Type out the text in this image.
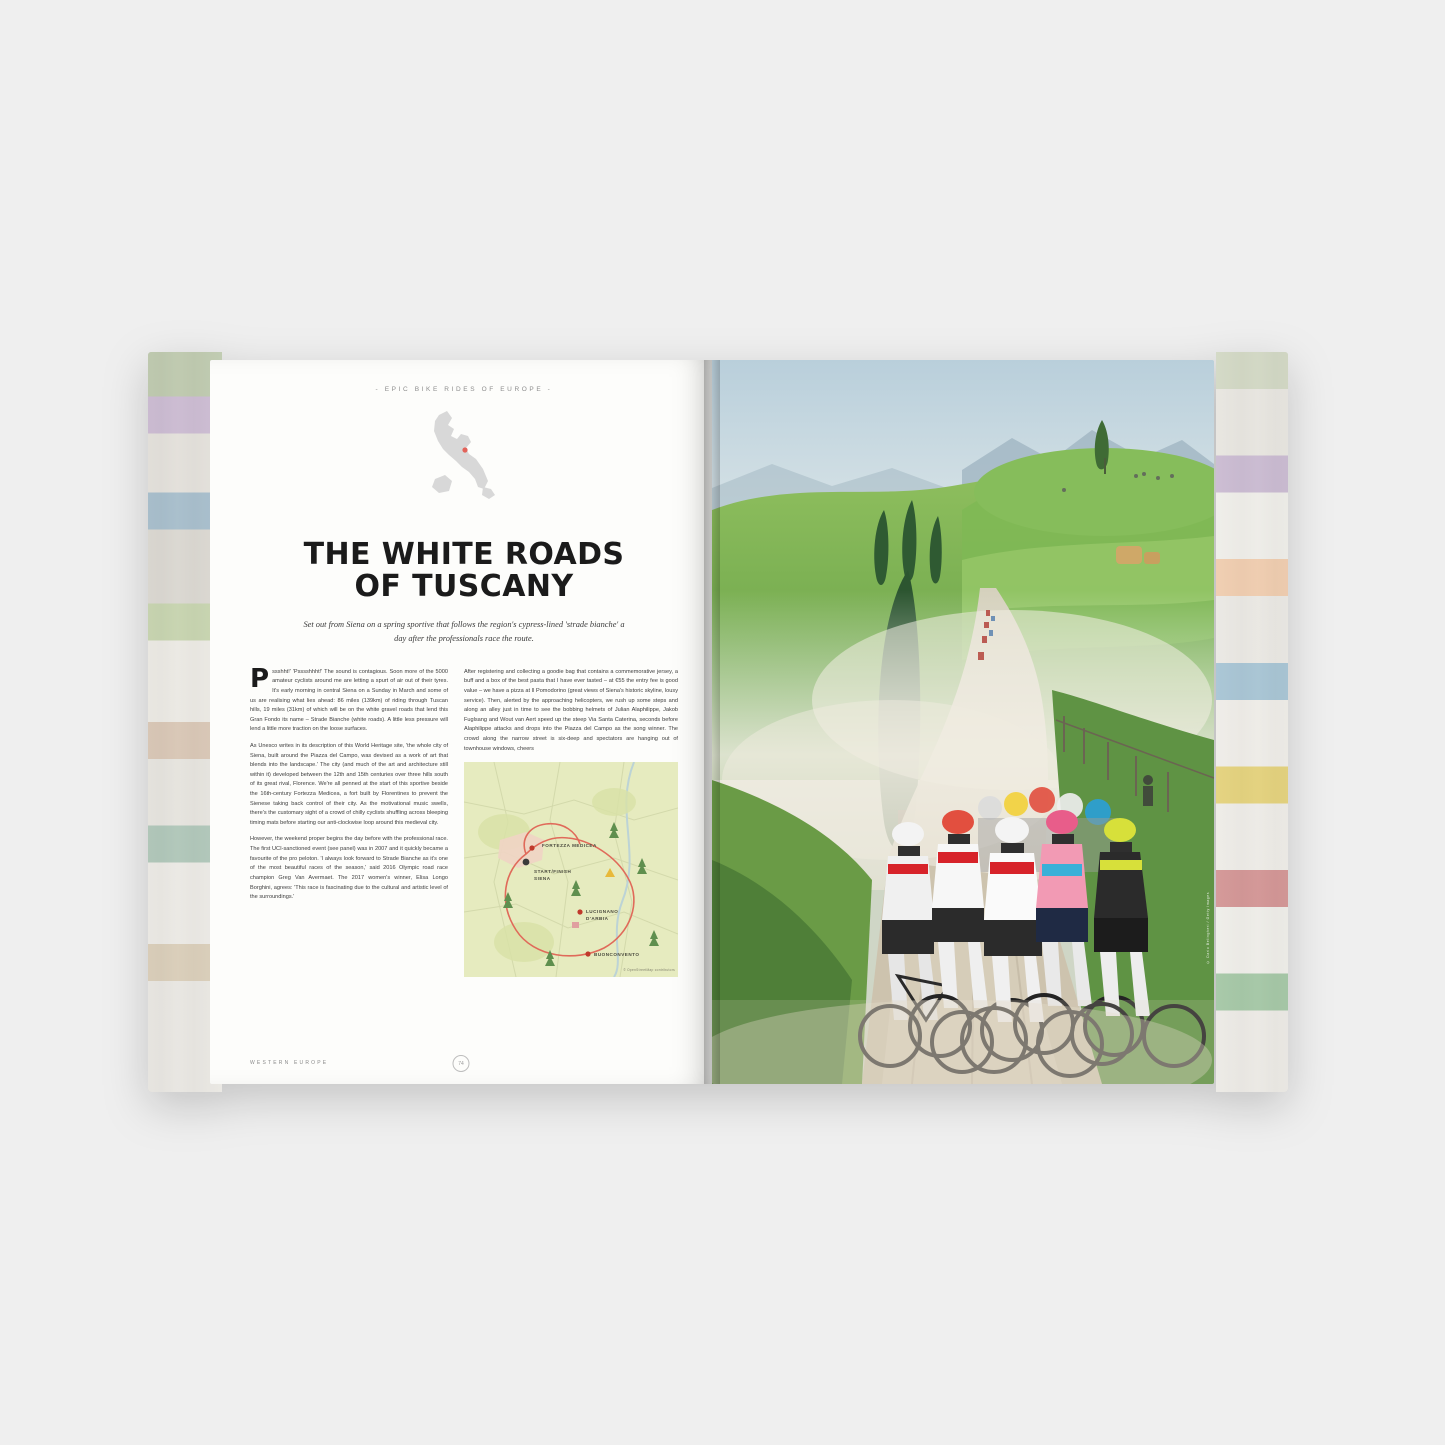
- EPIC BIKE RIDES OF EUROPE -
THE WHITE ROADS
OF TUSCANY
Set out from Siena on a spring sportive that follows the region's cypress-lined 'strade bianche' a day after the professionals race the route.

P ssshht!' 'Psssshhht!' The sound is contagious. Soon more of the 5000 amateur cyclists around me are letting a spurt of air out of their tyres. It's early morning in central Siena on a Sunday in March and some of us are realising what lies ahead: 86 miles (139km) of riding through Tuscan hills, 19 miles (31km) of which will be on the white gravel roads that lend this Gran Fondo its name – Strade Bianche (white roads). A little less pressure will lend a little more traction on the loose surfaces.

As Unesco writes in its description of this World Heritage site, 'the whole city of Siena, built around the Piazza del Campo, was devised as a work of art that blends into the landscape.' The city (and much of the art and architecture still within it) developed between the 12th and 15th centuries over three hills south of its great rival, Florence. We're all penned at the start of this sportive beside the 16th-century Fortezza Medicea, a fort built by Florentines to prevent the Sienese taking back control of their city. As the motivational music swells, there's the customary sight of a crowd of chilly cyclists shuffling across bleeping timing mats before starting our anti-clockwise loop around this medieval city.

However, the weekend proper begins the day before with the professional race. The first UCI-sanctioned event (see panel) was in 2007 and it quickly became a favourite of the pro peloton. 'I always look forward to Strade Bianche as it's one of the most beautiful races of the season,' said 2016 Olympic road race champion Greg Van Avermaet. The 2017 women's winner, Elisa Longo Borghini, agrees: 'This race is fascinating due to the cultural and artistic level of the surroundings.'

After registering and collecting a goodie bag that contains a commemorative jersey, a buff and a box of the best pasta that I have ever tasted – at €55 the entry fee is good value – we have a pizza at Il Pomodorino (great views of Siena's historic skyline, lousy service). Then, alerted by the approaching helicopters, we rush up some steps and along an alley just in time to see the bobbing helmets of Julian Alaphilippe, Jakob Fuglsang and Wout van Aert speed up the steep Via Santa Caterina, seconds before Alaphilippe attacks and drops into the Piazza del Campo as the song winner. The crowd along the narrow street is six-deep and spectators are hanging out of townhouse windows, cheers

FORTEZZA MEDICEA
START/FINISH
SIENA
LUCIGNANO
D'ARBIA
BUONCONVENTO
© OpenStreetMap contributors
WESTERN EUROPE	74
© Dario Belingheri / Getty Images
